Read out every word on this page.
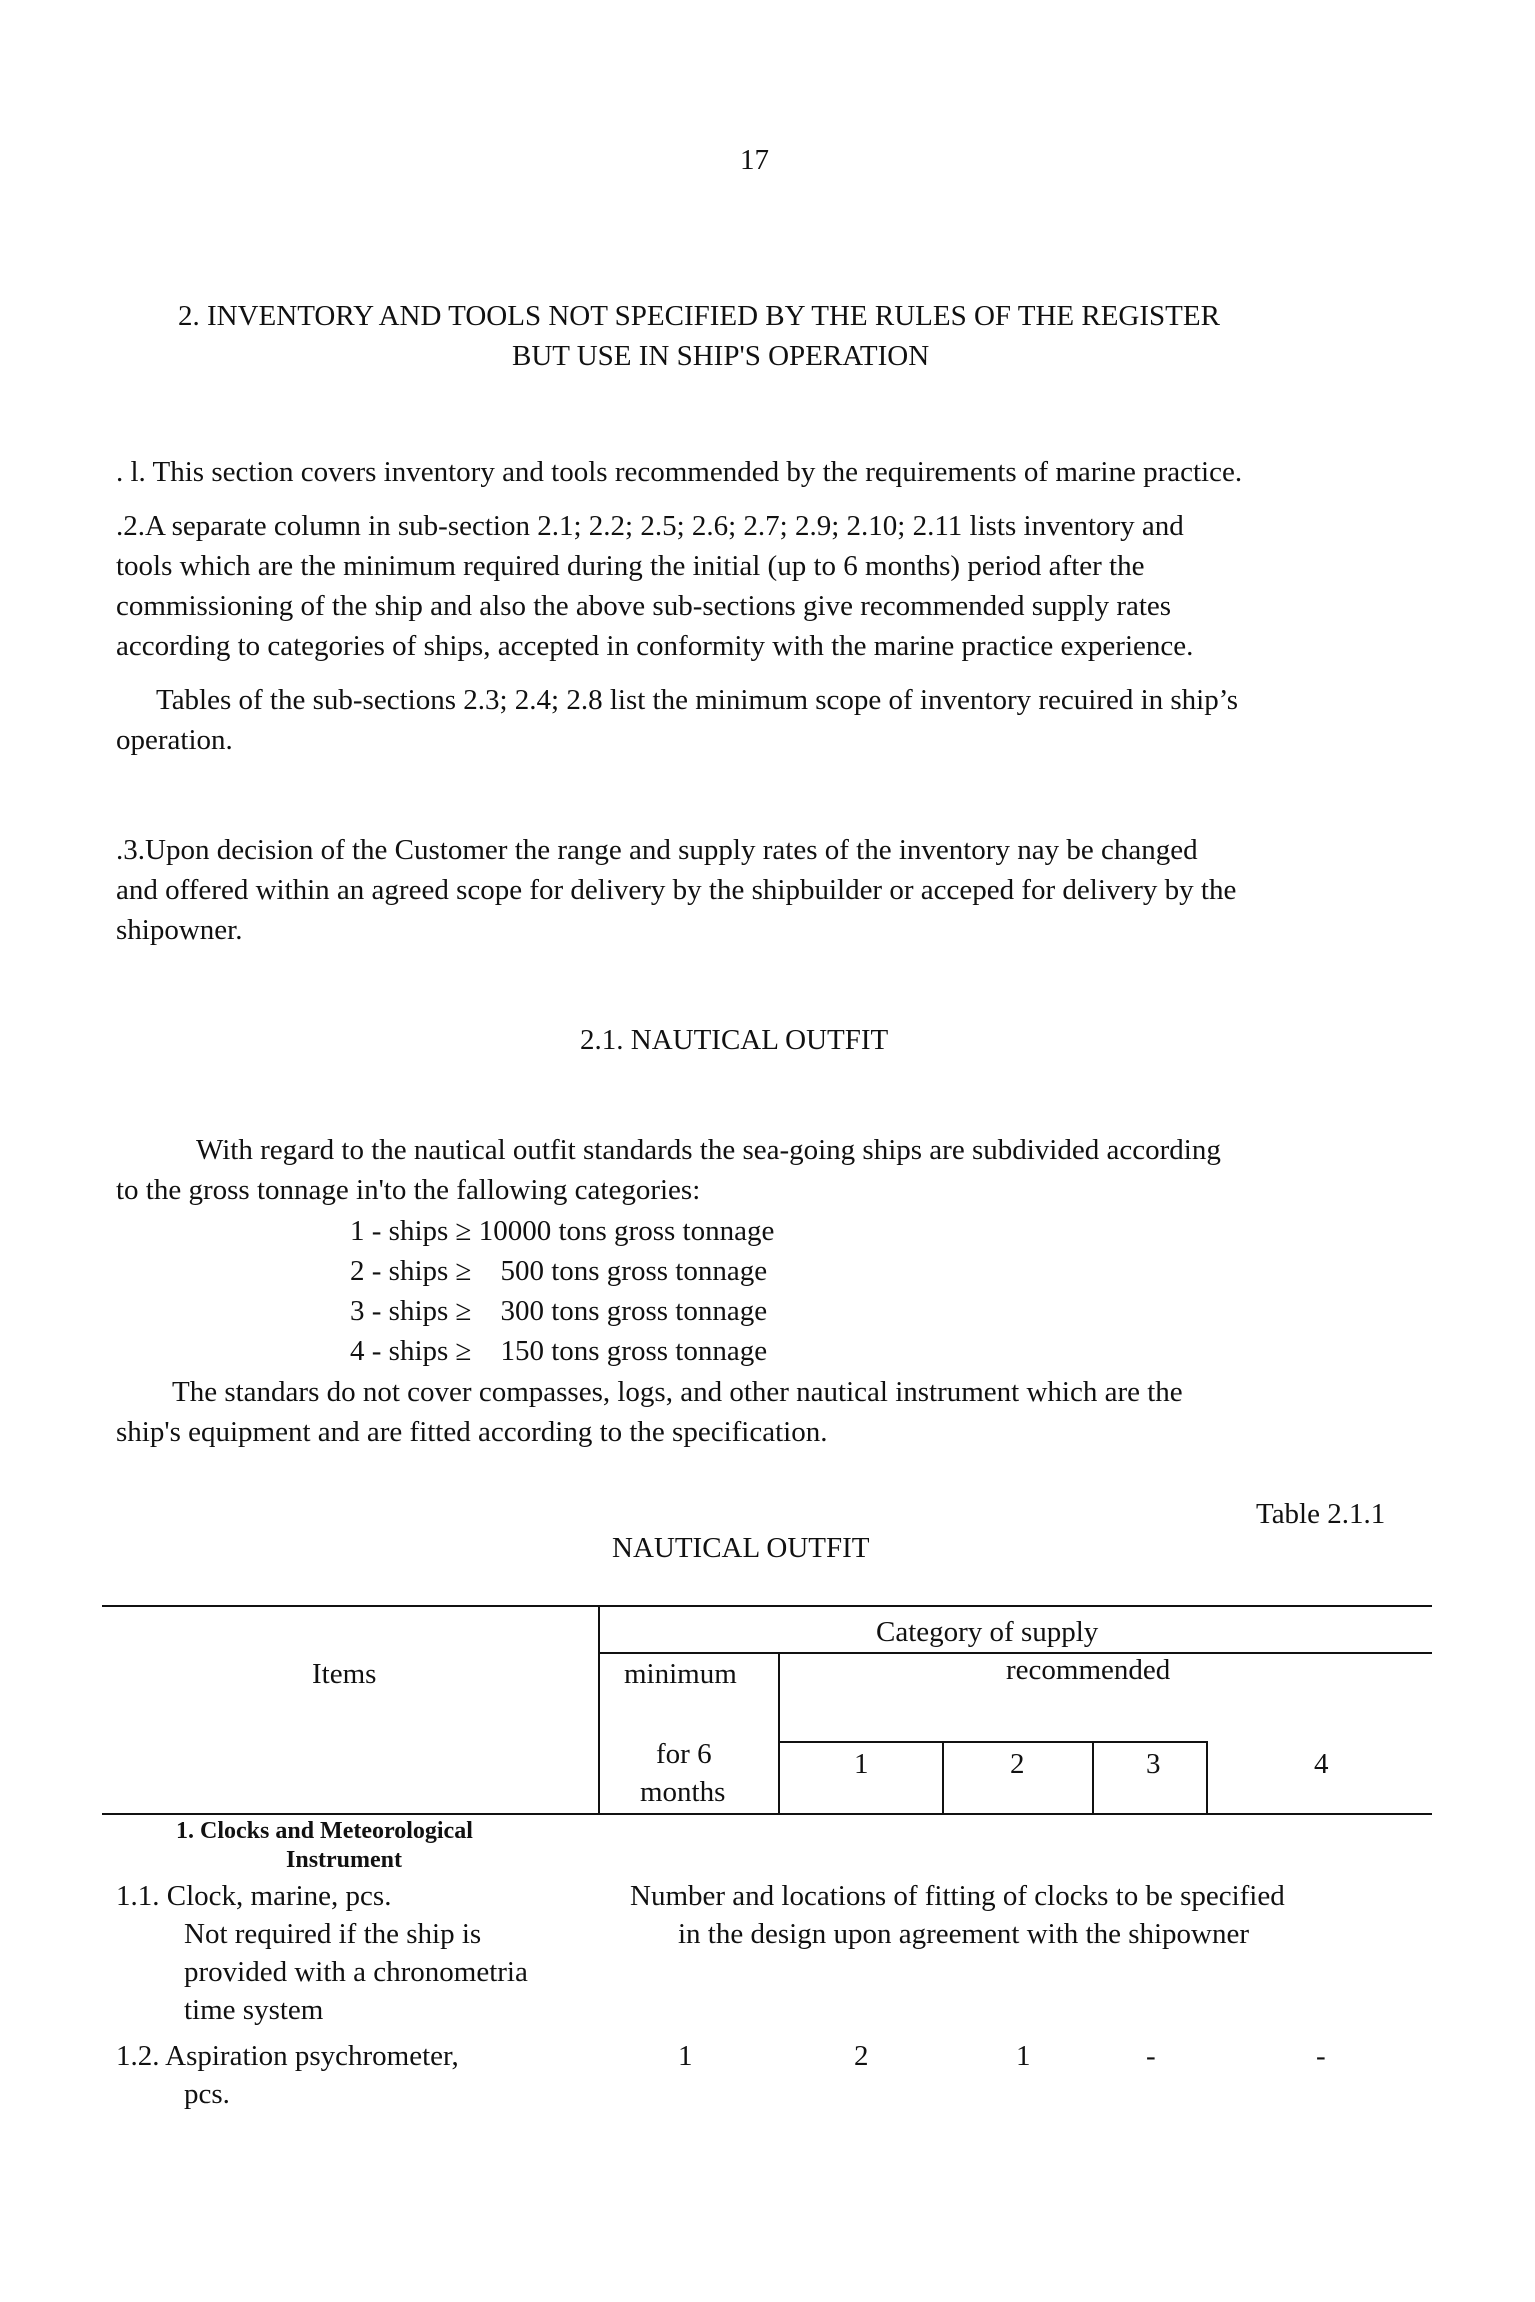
17
2. INVENTORY AND TOOLS NOT SPECIFIED BY THE RULES OF THE REGISTER
BUT USE IN SHIP'S OPERATION
. l. This section covers inventory and tools recommended by the requirements of marine practice.
.2.A separate column in sub-section 2.1; 2.2; 2.5; 2.6; 2.7; 2.9; 2.10; 2.11 lists inventory and
tools which are the minimum required during the initial (up to 6 months) period after the
commissioning of the ship and also the above sub-sections give recommended supply rates
according to categories of ships, accepted in conformity with the marine practice experience.
Tables of the sub-sections 2.3; 2.4; 2.8 list the minimum scope of inventory recuired in ship’s
operation.
.3.Upon decision of the Customer the range and supply rates of the inventory nay be changed
and offered within an agreed scope for delivery by the shipbuilder or acceped for delivery by the
shipowner.
2.1. NAUTICAL OUTFIT
With regard to the nautical outfit standards the sea-going ships are subdivided according
to the gross tonnage in'to the fallowing categories:
1 - ships ≥ 10000 tons gross tonnage
2 - ships ≥    500 tons gross tonnage
3 - ships ≥    300 tons gross tonnage
4 - ships ≥    150 tons gross tonnage
The standars do not cover compasses, logs, and other nautical instrument which are the
ship's equipment and are fitted according to the specification.
Table 2.1.1
NAUTICAL OUTFIT
Items
Category of supply
minimum	recommended
for 6
months
1	2	3	4
1. Clocks and Meteorological
Instrument
1.1. Clock, marine, pcs.
Not required if the ship is
provided with a chronometria
time system
Number and locations of fitting of clocks to be specified
in the design upon agreement with the shipowner
1.2. Aspiration psychrometer,
pcs.
1	2	1	-	-
